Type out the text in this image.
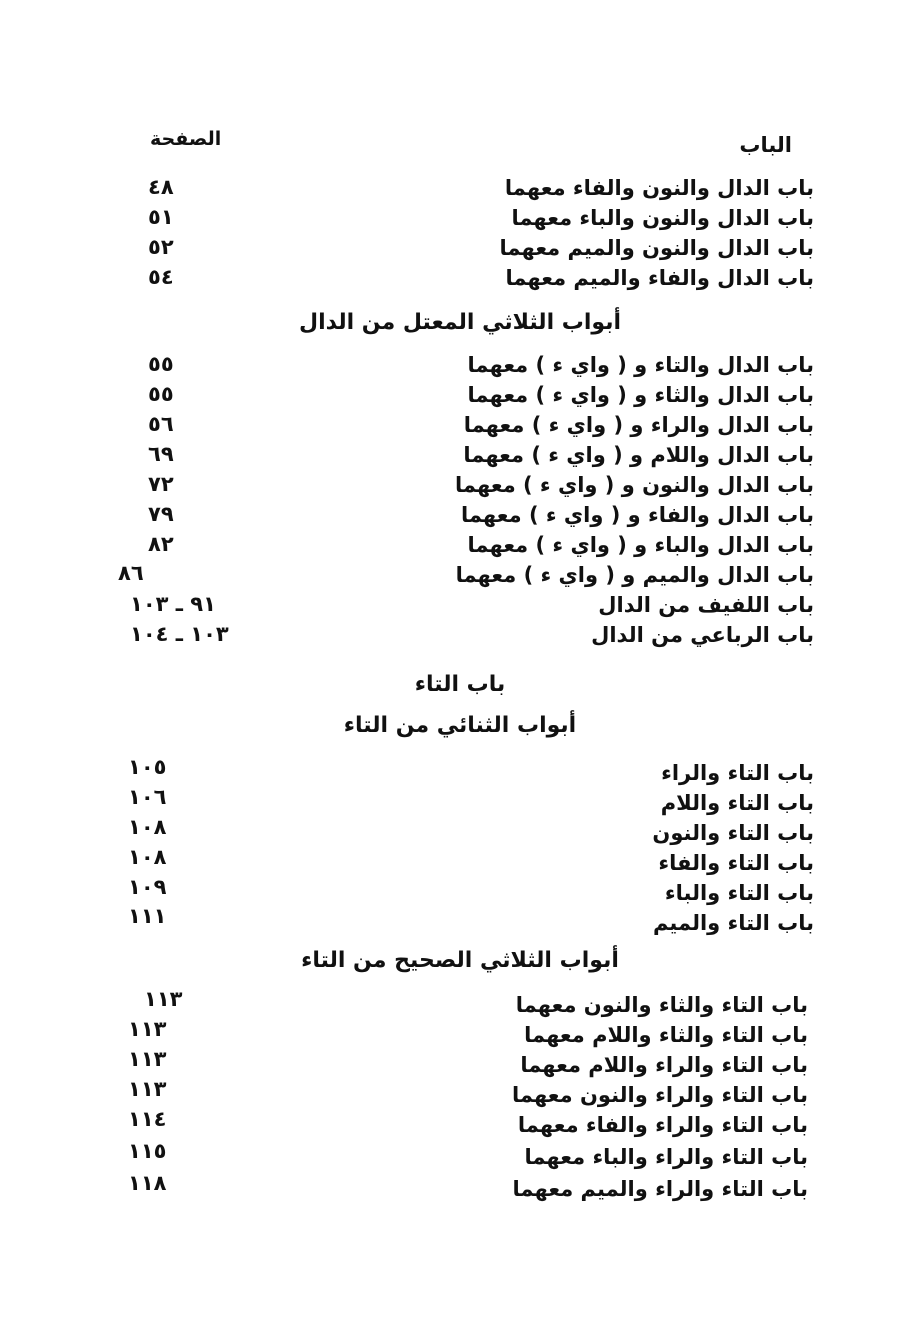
الباب
الصفحة
باب الدال والنون والفاء معهما
٤٨
باب الدال والنون والباء معهما
٥١
باب الدال والنون والميم معهما
٥٢
باب الدال والفاء والميم معهما
٥٤
أبواب الثلاثي المعتل من الدال
باب الدال والتاء و ( واي ء ) معهما
٥٥
باب الدال والثاء و ( واي ء ) معهما
٥٥
باب الدال والراء و ( واي ء ) معهما
٥٦
باب الدال واللام و ( واي ء ) معهما
٦٩
باب الدال والنون و ( واي ء ) معهما
٧٢
باب الدال والفاء و ( واي ء ) معهما
٧٩
باب الدال والباء و ( واي ء ) معهما
٨٢
باب الدال والميم و ( واي ء ) معهما
٨٦
باب اللفيف من الدال
٩١ ـ ١٠٣
باب الرباعي من الدال
١٠٣ ـ ١٠٤
باب التاء
أبواب الثنائي من التاء
باب التاء والراء
١٠٥
باب التاء واللام
١٠٦
باب التاء والنون
١٠٨
باب التاء والفاء
١٠٨
باب التاء والباء
١٠٩
باب التاء والميم
١١١
أبواب الثلاثي الصحيح من التاء
باب التاء والثاء والنون معهما
١١٣
باب التاء والثاء واللام معهما
١١٣
باب التاء والراء واللام معهما
١١٣
باب التاء والراء والنون معهما
١١٣
باب التاء والراء والفاء معهما
١١٤
باب التاء والراء والباء معهما
١١٥
باب التاء والراء والميم معهما
١١٨
